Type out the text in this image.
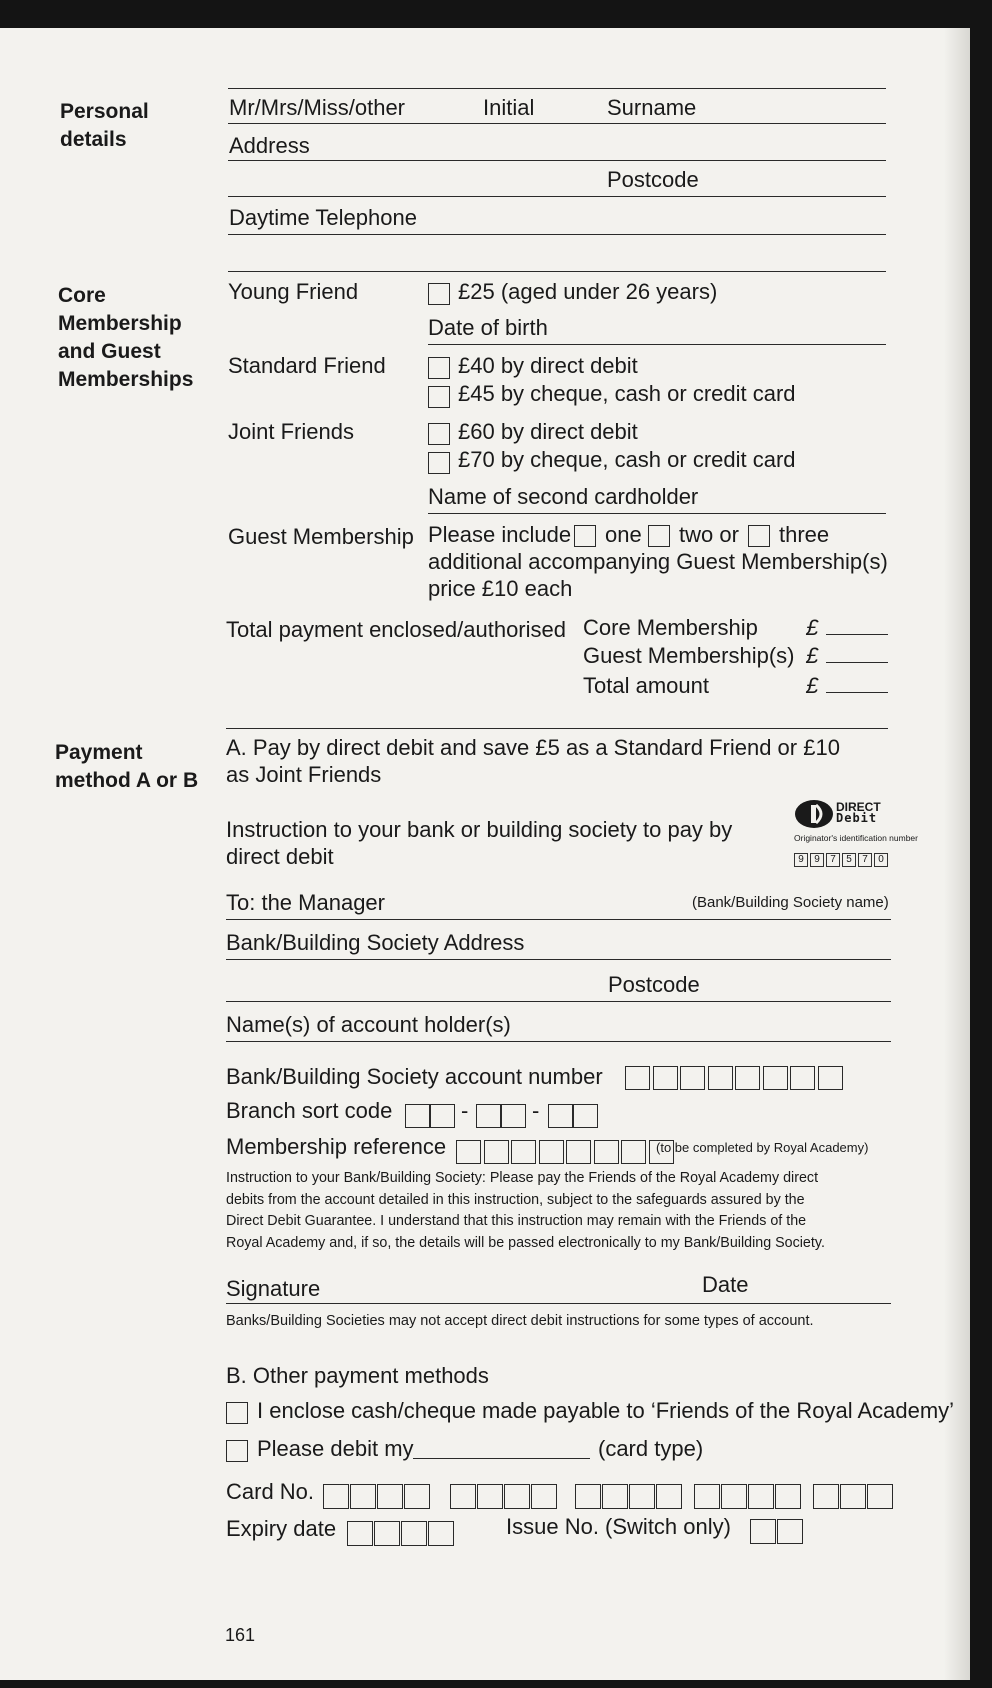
Personal
details
Mr/Mrs/Miss/other	Initial	Surname
Address
Postcode
Daytime Telephone
Core
Membership
and Guest
Memberships
Young Friend	£25 (aged under 26 years)
Date of birth
Standard Friend	£40 by direct debit
£45 by cheque, cash or credit card
Joint Friends	£60 by direct debit
£70 by cheque, cash or credit card
Name of second cardholder
Guest Membership Please include one two or three
additional accompanying Guest Membership(s)
price £10 each
Total payment enclosed/authorised Core Membership £
Guest Membership(s) £
Total amount	£
Payment
method A or B
A. Pay by direct debit and save £5 as a Standard Friend or £10
as Joint Friends
Instruction to your bank or building society to pay by
direct debit
DIRECT
Debit
Originator's identification number
9 9 7 5 7 0
To: the Manager	(Bank/Building Society name)
Bank/Building Society Address
Postcode
Name(s) of account holder(s)
Bank/Building Society account number
Branch sort code	-	-
Membership reference	(to be completed by Royal Academy)
Instruction to your Bank/Building Society: Please pay the Friends of the Royal Academy direct
debits from the account detailed in this instruction, subject to the safeguards assured by the
Direct Debit Guarantee. I understand that this instruction may remain with the Friends of the
Royal Academy and, if so, the details will be passed electronically to my Bank/Building Society.
Signature	Date
Banks/Building Societies may not accept direct debit instructions for some types of account.
B. Other payment methods
I enclose cash/cheque made payable to ‘Friends of the Royal Academy’
Please debit my	(card type)
Card No.
Expiry date	Issue No. (Switch only)
161
